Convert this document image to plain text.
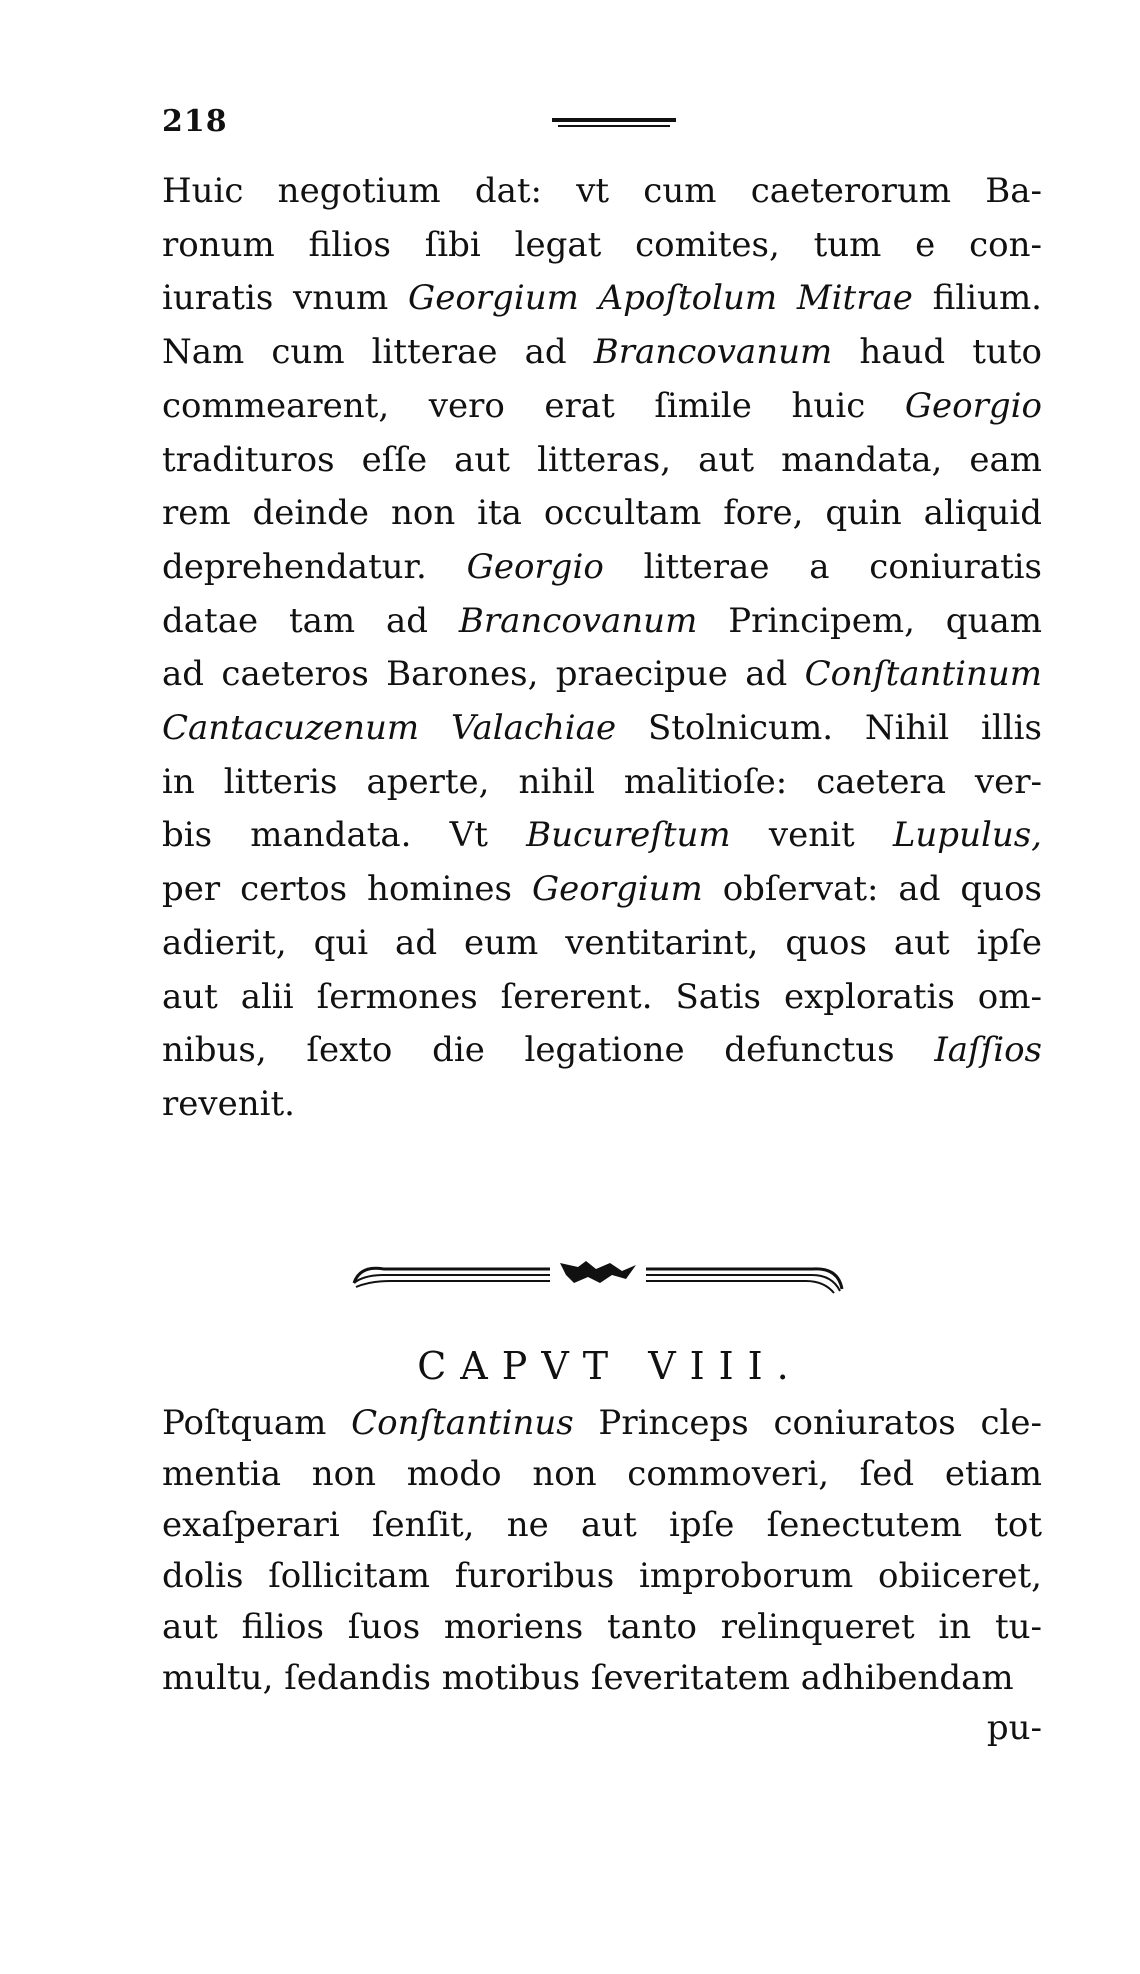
218
Huic negotium dat: vt cum caeterorum Ba-
ronum filios ſibi legat comites, tum e con-
iuratis vnum Georgium Apoſtolum Mitrae filium.
Nam cum litterae ad Brancovanum haud tuto
commearent, vero erat ſimile huic Georgio
tradituros eſſe aut litteras, aut mandata, eam
rem deinde non ita occultam fore, quin aliquid
deprehendatur. Georgio litterae a coniuratis
datae tam ad Brancovanum Principem, quam
ad caeteros Barones, praecipue ad Conſtantinum
Cantacuzenum Valachiae Stolnicum. Nihil illis
in litteris aperte, nihil malitioſe: caetera ver-
bis mandata. Vt Bucureſtum venit Lupulus,
per certos homines Georgium obſervat: ad quos
adierit, qui ad eum ventitarint, quos aut ipſe
aut alii ſermones ſererent. Satis exploratis om-
nibus, ſexto die legatione defunctus Iaſſios
revenit.
CAPVT VIII.
Poſtquam Conſtantinus Princeps coniuratos cle-
mentia non modo non commoveri, ſed etiam
exaſperari ſenſit, ne aut ipſe ſenectutem tot
dolis ſollicitam furoribus improborum obiiceret,
aut filios ſuos moriens tanto relinqueret in tu-
multu, ſedandis motibus ſeveritatem adhibendam
pu-
